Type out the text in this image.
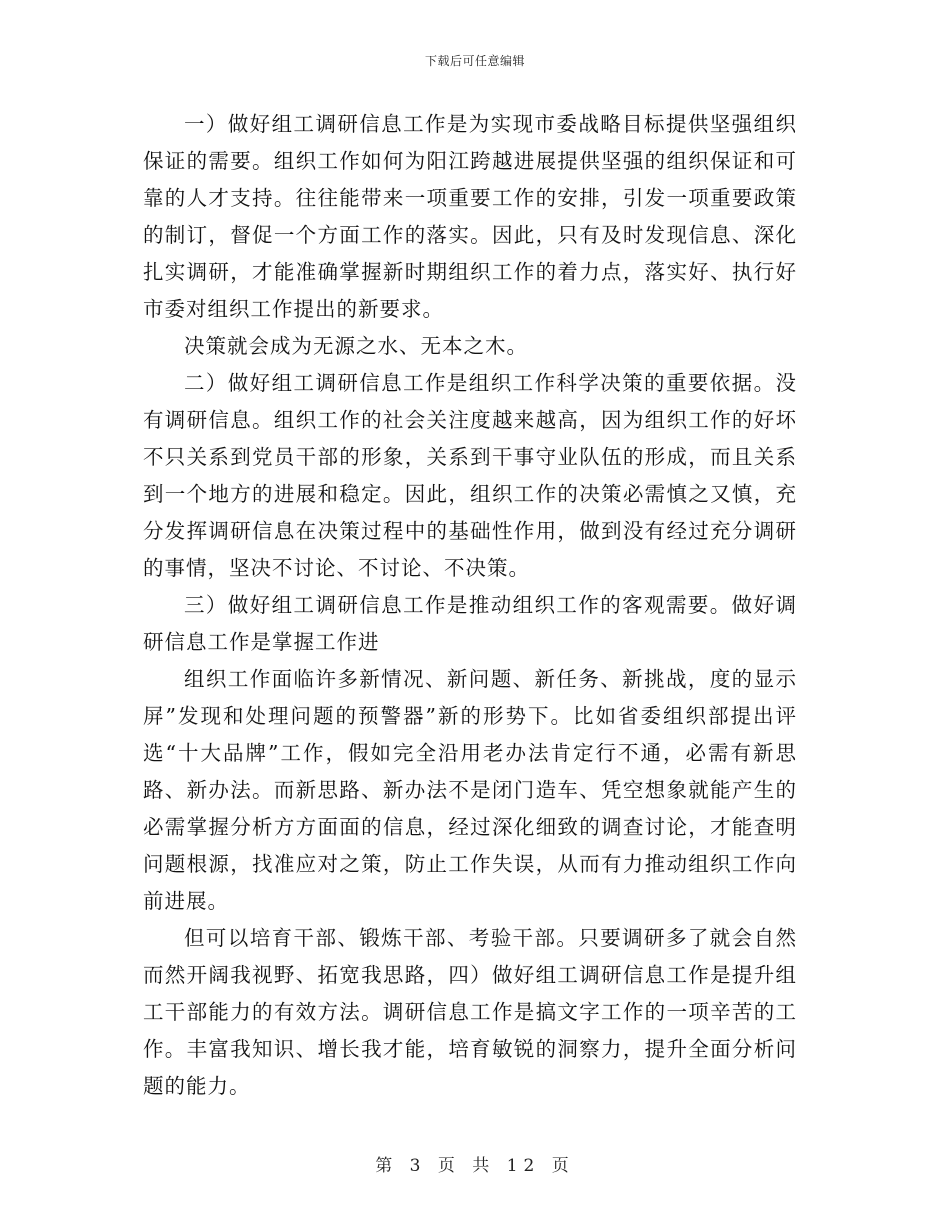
下载后可任意编辑

一）做好组工调研信息工作是为实现市委战略目标提供坚强组织保证的需要。组织工作如何为阳江跨越进展提供坚强的组织保证和可靠的人才支持。往往能带来一项重要工作的安排，引发一项重要政策的制订，督促一个方面工作的落实。因此，只有及时发现信息、深化扎实调研，才能准确掌握新时期组织工作的着力点，落实好、执行好市委对组织工作提出的新要求。

决策就会成为无源之水、无本之木。

二）做好组工调研信息工作是组织工作科学决策的重要依据。没有调研信息。组织工作的社会关注度越来越高，因为组织工作的好坏不只关系到党员干部的形象，关系到干事守业队伍的形成，而且关系到一个地方的进展和稳定。因此，组织工作的决策必需慎之又慎，充分发挥调研信息在决策过程中的基础性作用，做到没有经过充分调研的事情，坚决不讨论、不讨论、不决策。

三）做好组工调研信息工作是推动组织工作的客观需要。做好调研信息工作是掌握工作进

组织工作面临许多新情况、新问题、新任务、新挑战，度的显示屏”发现和处理问题的预警器”新的形势下。比如省委组织部提出评选“十大品牌”工作，假如完全沿用老办法肯定行不通，必需有新思路、新办法。而新思路、新办法不是闭门造车、凭空想象就能产生的必需掌握分析方方面面的信息，经过深化细致的调查讨论，才能查明问题根源，找准应对之策，防止工作失误，从而有力推动组织工作向前进展。

但可以培育干部、锻炼干部、考验干部。只要调研多了就会自然而然开阔我视野、拓宽我思路，四）做好组工调研信息工作是提升组工干部能力的有效方法。调研信息工作是搞文字工作的一项辛苦的工作。丰富我知识、增长我才能，培育敏锐的洞察力，提升全面分析问题的能力。

第 3 页 共 12 页
